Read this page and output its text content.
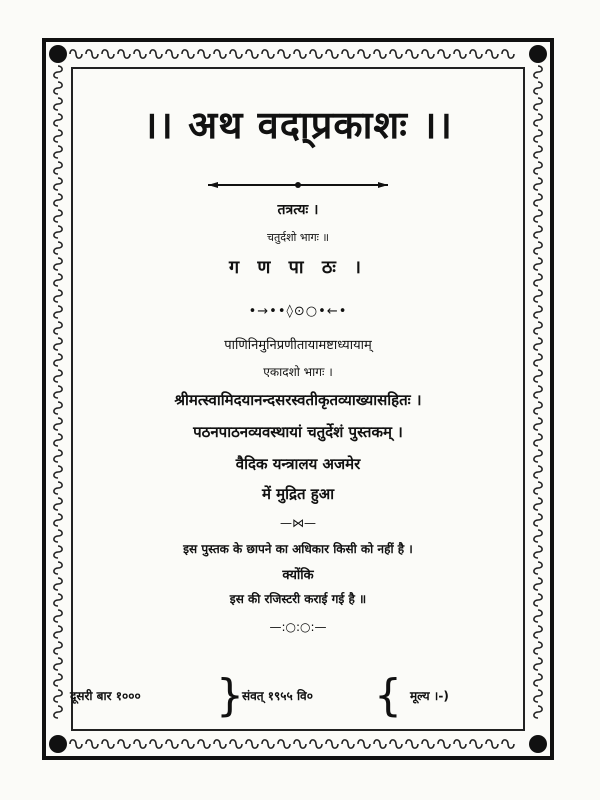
।। अथ वदा्प्रकाशः ।।
तत्रत्यः ।
चतुर्दशो भागः ॥
ग ण पा ठः ।
•→••◊⊙○•←•
पाणिनिमुनिप्रणीतायामष्टाध्यायाम्
एकादशो भागः ।
श्रीमत्स्वामिदयानन्दसरस्वतीकृतव्याख्यासहितः ।
पठनपाठनव्यवस्थायां चतुर्देशं पुस्तकम् ।
वैदिक यन्त्रालय अजमेर
में मुद्रित हुआ
—⋈—
इस पुस्तक के छापने का अधिकार किसी को नहीं है ।
क्योंकि
इस की रजिस्टरी कराई गई है ॥
—:○:○:—
दूसरी बार १००० }
संवत् १९५५ वि० { मूल्य ।-)
